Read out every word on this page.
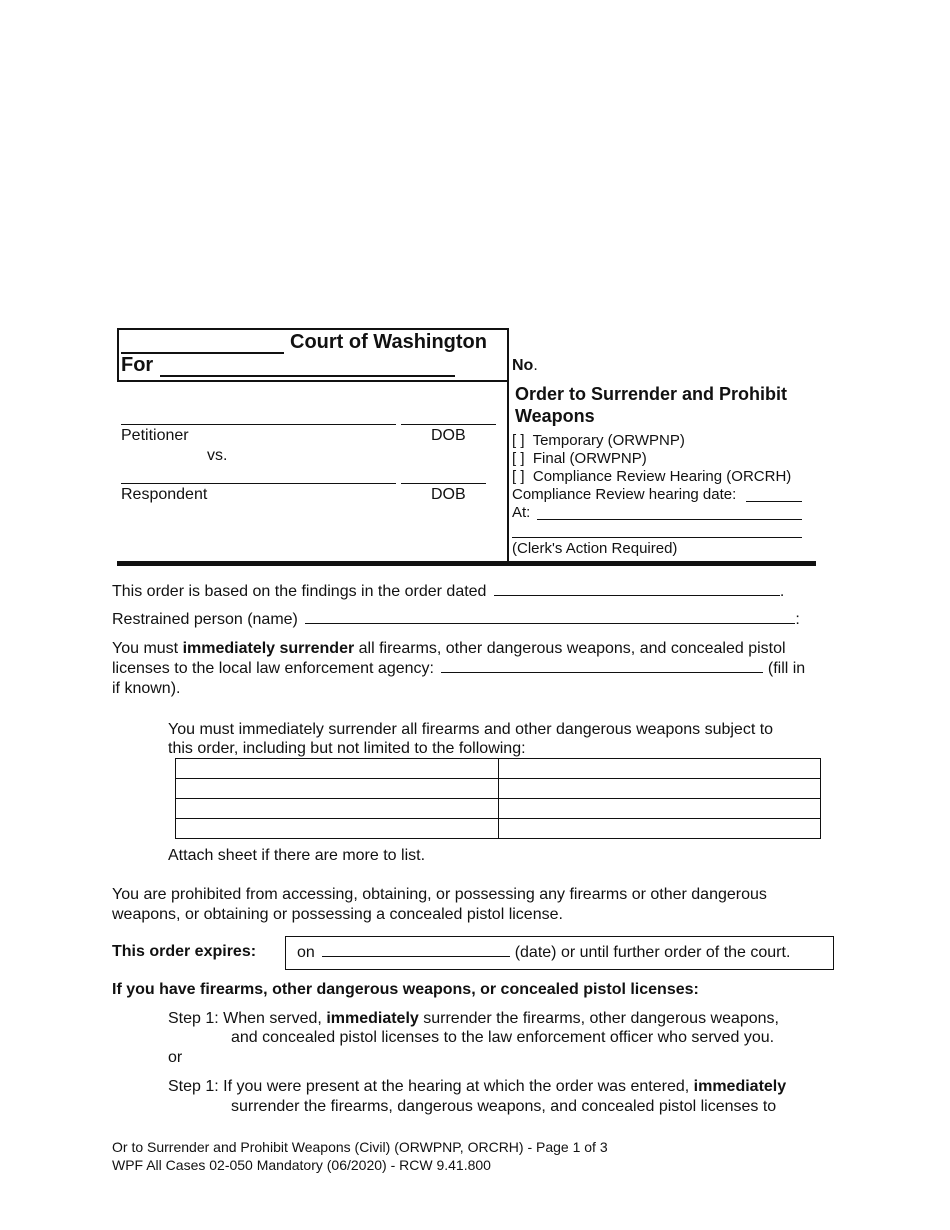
Court of Washington
For	No.
Petitioner	DOB
vs.
Respondent	DOB
Order to Surrender and Prohibit
Weapons
[ ] Temporary (ORWPNP)
[ ] Final (ORWPNP)
[ ] Compliance Review Hearing (ORCRH)
Compliance Review hearing date:
At:
(Clerk's Action Required)
This order is based on the findings in the order dated	.
Restrained person (name)	:
You must immediately surrender all firearms, other dangerous weapons, and concealed pistol
licenses to the local law enforcement agency:	(fill in
if known).
You must immediately surrender all firearms and other dangerous weapons subject to
this order, including but not limited to the following:

Attach sheet if there are more to list.
You are prohibited from accessing, obtaining, or possessing any firearms or other dangerous
weapons, or obtaining or possessing a concealed pistol license.
This order expires:	on	(date) or until further order of the court.
If you have firearms, other dangerous weapons, or concealed pistol licenses:
Step 1: When served, immediately surrender the firearms, other dangerous weapons,
and concealed pistol licenses to the law enforcement officer who served you.
or
Step 1: If you were present at the hearing at which the order was entered, immediately
surrender the firearms, dangerous weapons, and concealed pistol licenses to
Or to Surrender and Prohibit Weapons (Civil) (ORWPNP, ORCRH) - Page 1 of 3
WPF All Cases 02-050 Mandatory (06/2020) - RCW 9.41.800
